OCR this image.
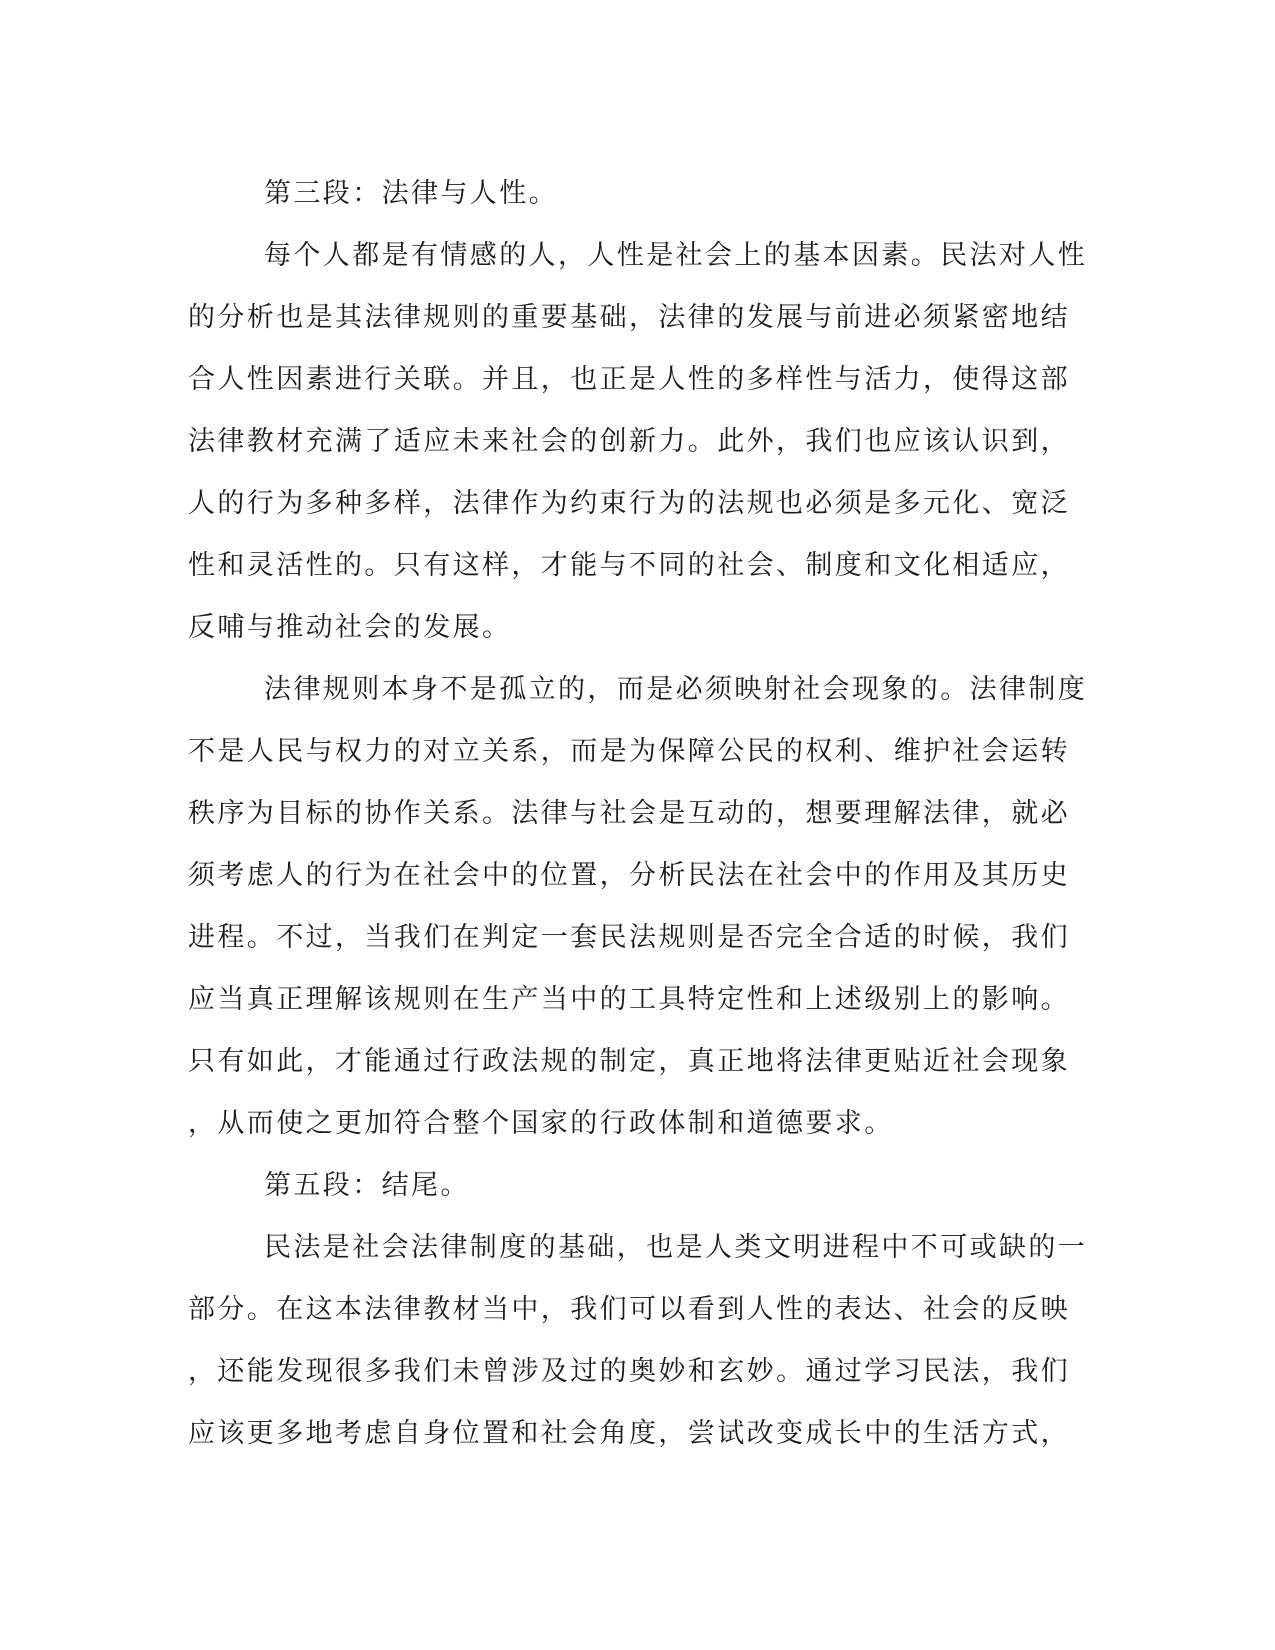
第三段：法律与人性。
每个人都是有情感的人，人性是社会上的基本因素。民法对人性
的分析也是其法律规则的重要基础，法律的发展与前进必须紧密地结
合人性因素进行关联。并且，也正是人性的多样性与活力，使得这部
法律教材充满了适应未来社会的创新力。此外，我们也应该认识到，
人的行为多种多样，法律作为约束行为的法规也必须是多元化、宽泛
性和灵活性的。只有这样，才能与不同的社会、制度和文化相适应，
反哺与推动社会的发展。
法律规则本身不是孤立的，而是必须映射社会现象的。法律制度
不是人民与权力的对立关系，而是为保障公民的权利、维护社会运转
秩序为目标的协作关系。法律与社会是互动的，想要理解法律，就必
须考虑人的行为在社会中的位置，分析民法在社会中的作用及其历史
进程。不过，当我们在判定一套民法规则是否完全合适的时候，我们
应当真正理解该规则在生产当中的工具特定性和上述级别上的影响。
只有如此，才能通过行政法规的制定，真正地将法律更贴近社会现象
，从而使之更加符合整个国家的行政体制和道德要求。
第五段：结尾。
民法是社会法律制度的基础，也是人类文明进程中不可或缺的一
部分。在这本法律教材当中，我们可以看到人性的表达、社会的反映
，还能发现很多我们未曾涉及过的奥妙和玄妙。通过学习民法，我们
应该更多地考虑自身位置和社会角度，尝试改变成长中的生活方式，
